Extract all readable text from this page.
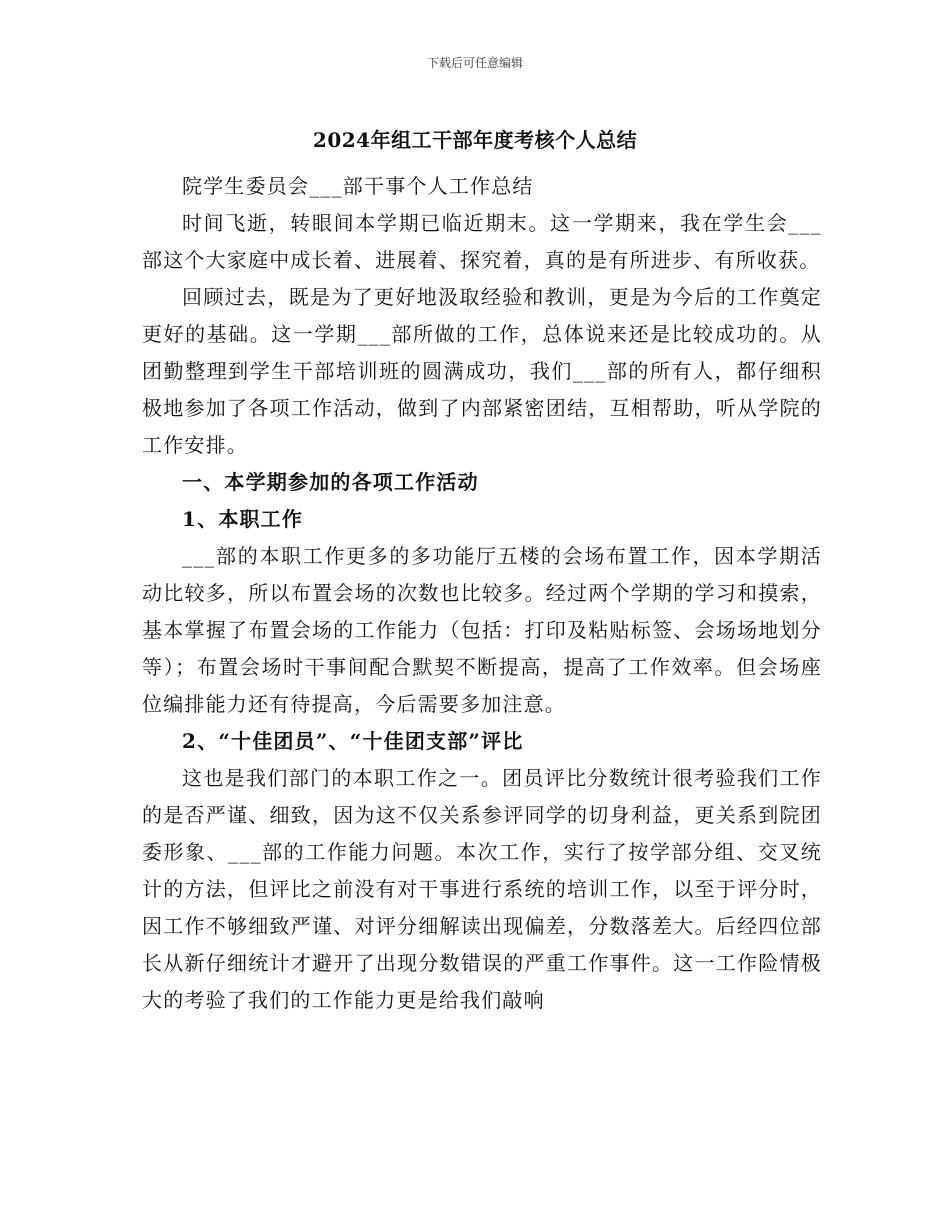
下载后可任意编辑
2024年组工干部年度考核个人总结

院学生委员会___部干事个人工作总结

时间飞逝，转眼间本学期已临近期末。这一学期来，我在学生会___部这个大家庭中成长着、进展着、探究着，真的是有所进步、有所收获。

回顾过去，既是为了更好地汲取经验和教训，更是为今后的工作奠定更好的基础。这一学期___部所做的工作，总体说来还是比较成功的。从团勤整理到学生干部培训班的圆满成功，我们___部的所有人，都仔细积极地参加了各项工作活动，做到了内部紧密团结，互相帮助，听从学院的工作安排。

一、本学期参加的各项工作活动

1、本职工作

___部的本职工作更多的多功能厅五楼的会场布置工作，因本学期活动比较多，所以布置会场的次数也比较多。经过两个学期的学习和摸索，基本掌握了布置会场的工作能力（包括：打印及粘贴标签、会场场地划分等）；布置会场时干事间配合默契不断提高，提高了工作效率。但会场座位编排能力还有待提高，今后需要多加注意。

2、“十佳团员”、“十佳团支部”评比

这也是我们部门的本职工作之一。团员评比分数统计很考验我们工作的是否严谨、细致，因为这不仅关系参评同学的切身利益，更关系到院团委形象、___部的工作能力问题。本次工作，实行了按学部分组、交叉统计的方法，但评比之前没有对干事进行系统的培训工作，以至于评分时，因工作不够细致严谨、对评分细解读出现偏差，分数落差大。后经四位部长从新仔细统计才避开了出现分数错误的严重工作事件。这一工作险情极大的考验了我们的工作能力更是给我们敲响
